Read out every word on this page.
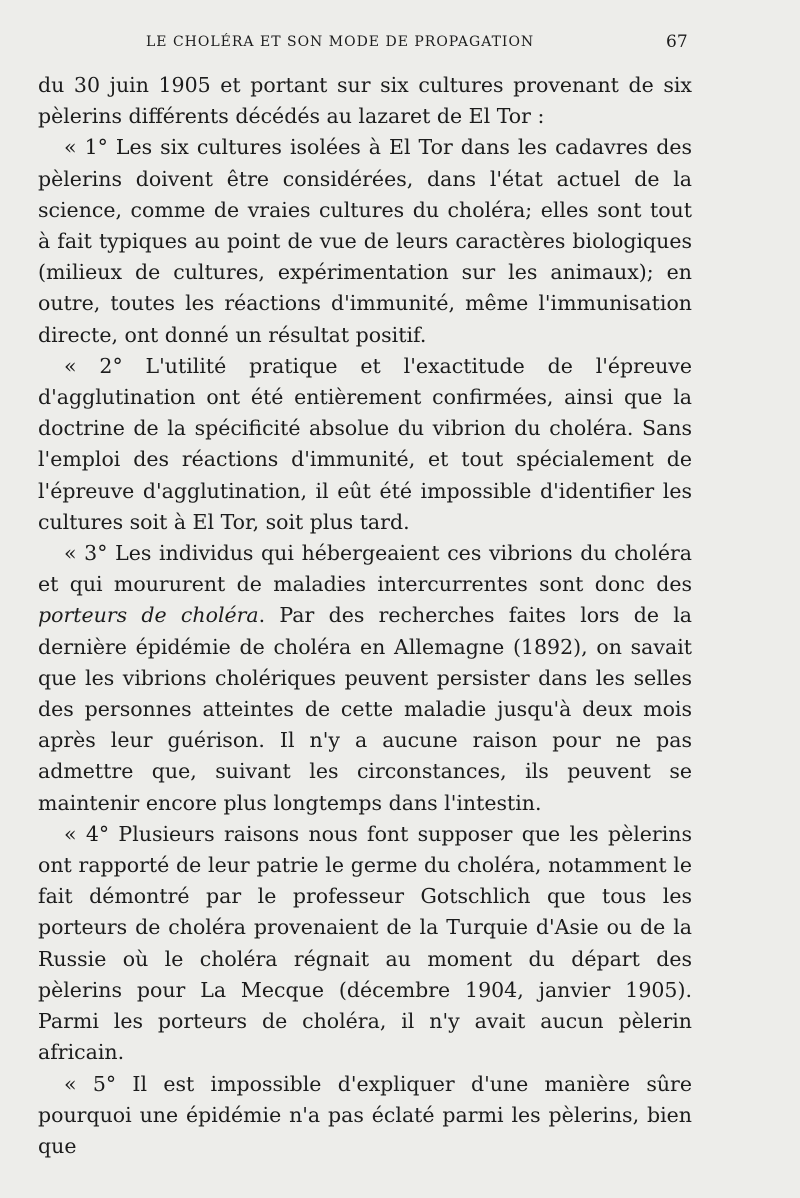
LE CHOLÉRA ET SON MODE DE PROPAGATION	67

du 30 juin 1905 et portant sur six cultures provenant de six pèlerins différents décédés au lazaret de El Tor :

« 1° Les six cultures isolées à El Tor dans les cadavres des pèlerins doivent être considérées, dans l'état actuel de la science, comme de vraies cultures du choléra; elles sont tout à fait typiques au point de vue de leurs caractères biologiques (milieux de cultures, expérimentation sur les animaux); en outre, toutes les réactions d'immunité, même l'immunisation directe, ont donné un résultat positif.

« 2° L'utilité pratique et l'exactitude de l'épreuve d'agglutination ont été entièrement confirmées, ainsi que la doctrine de la spécificité absolue du vibrion du choléra. Sans l'emploi des réactions d'immunité, et tout spécialement de l'épreuve d'agglutination, il eût été impossible d'identifier les cultures soit à El Tor, soit plus tard.

« 3° Les individus qui hébergeaient ces vibrions du choléra et qui moururent de maladies intercurrentes sont donc des porteurs de choléra. Par des recherches faites lors de la dernière épidémie de choléra en Allemagne (1892), on savait que les vibrions cholériques peuvent persister dans les selles des personnes atteintes de cette maladie jusqu'à deux mois après leur guérison. Il n'y a aucune raison pour ne pas admettre que, suivant les circonstances, ils peuvent se maintenir encore plus longtemps dans l'intestin.

« 4° Plusieurs raisons nous font supposer que les pèlerins ont rapporté de leur patrie le germe du choléra, notamment le fait démontré par le professeur Gotschlich que tous les porteurs de choléra provenaient de la Turquie d'Asie ou de la Russie où le choléra régnait au moment du départ des pèlerins pour La Mecque (décembre 1904, janvier 1905). Parmi les porteurs de choléra, il n'y avait aucun pèlerin africain.

« 5° Il est impossible d'expliquer d'une manière sûre pourquoi une épidémie n'a pas éclaté parmi les pèlerins, bien que
